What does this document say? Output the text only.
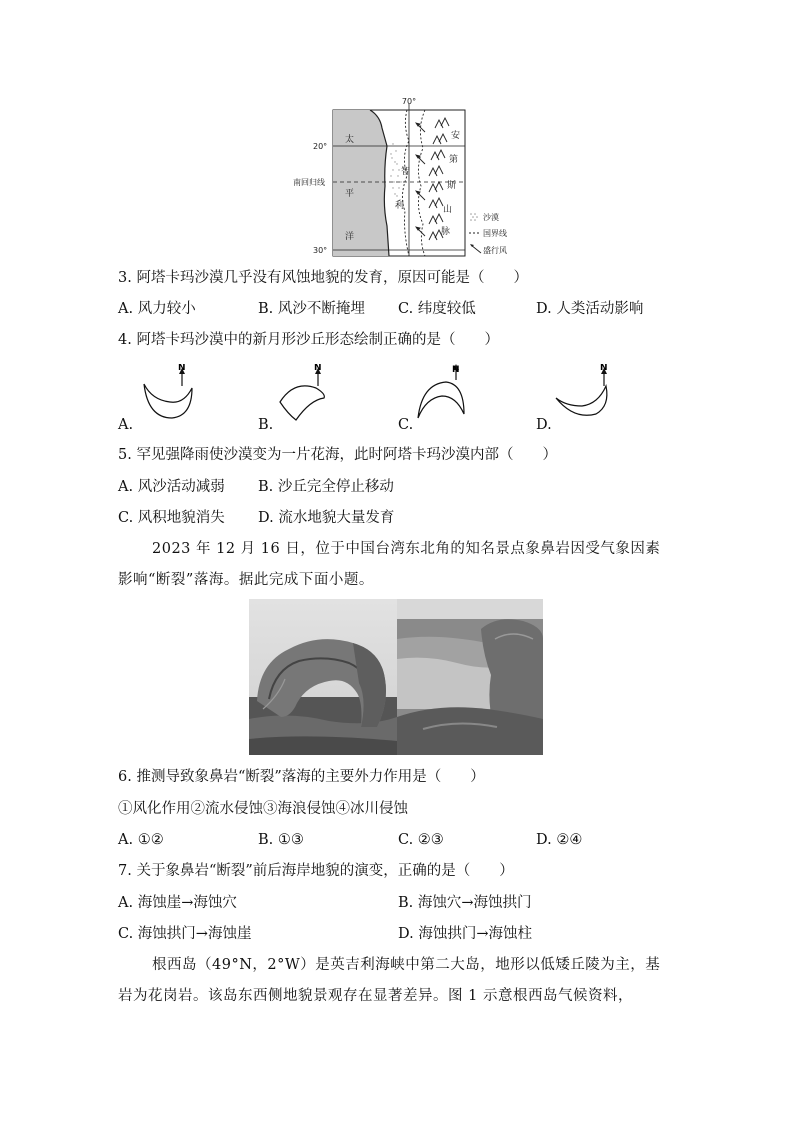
70°
20°
30°
南回归线
太
平
洋
智
利
安
第
斯
山
脉
沙漠
国界线
盛行风
3. 阿塔卡玛沙漠几乎没有风蚀地貌的发育，原因可能是（　　）
A. 风力较小	B. 风沙不断掩埋 C. 纬度较低	D. 人类活动影响
4. 阿塔卡玛沙漠中的新月形沙丘形态绘制正确的是（　　）
A.
N
B.
N
C.
N
D.
N
5. 罕见强降雨使沙漠变为一片花海，此时阿塔卡玛沙漠内部（　　）
A. 风沙活动减弱 B. 沙丘完全停止移动
C. 风积地貌消失 D. 流水地貌大量发育
2023 年 12 月 16 日，位于中国台湾东北角的知名景点象鼻岩因受气象因素
影响“断裂”落海。据此完成下面小题。
6. 推测导致象鼻岩“断裂”落海的主要外力作用是（　　）
①风化作用②流水侵蚀③海浪侵蚀④冰川侵蚀
A. ①②	B. ①③	C. ②③	D. ②④
7. 关于象鼻岩“断裂”前后海岸地貌的演变，正确的是（　　）
A. 海蚀崖→海蚀穴	B. 海蚀穴→海蚀拱门
C. 海蚀拱门→海蚀崖	D. 海蚀拱门→海蚀柱
根西岛（49°N，2°W）是英吉利海峡中第二大岛，地形以低矮丘陵为主，基
岩为花岗岩。该岛东西侧地貌景观存在显著差异。图 1 示意根西岛气候资料，
